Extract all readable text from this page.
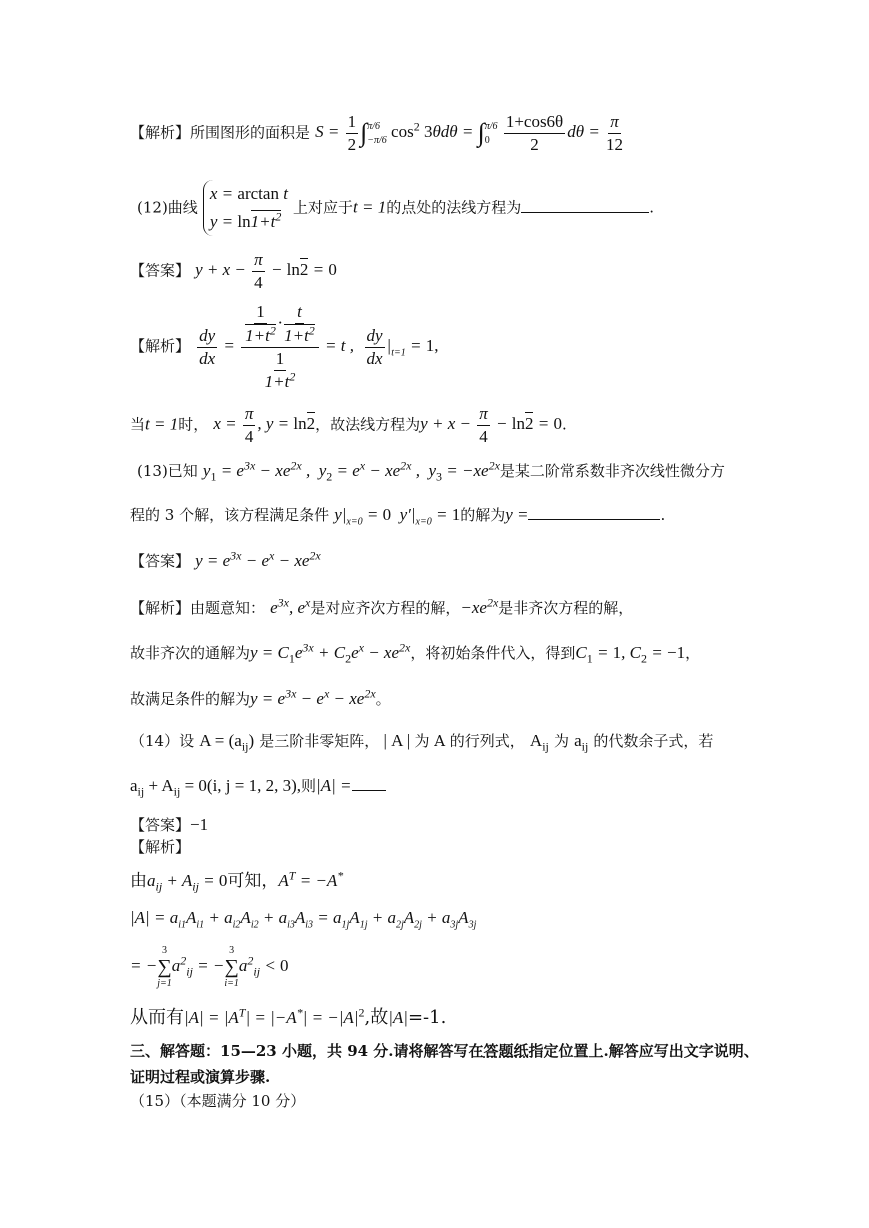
【解析】所围图形的面积是 $S = \frac{1}{2}$ ∫ π/6
−π/6 $\cos^2 3\theta d\theta$ = ∫ π/6
0
$\frac{1+\cos 6\theta}{2}$ $d\theta = \frac{\pi}{12}$
(12)曲线
x = arctan t
$y = \ln 1+t^2$ 上对应于t = 1的点处的法线方程为	.
【答案】 $y + x - \frac{\pi}{4} - \ln 2 = 0$
【解析】 $\frac{dy}{dx} = \frac{\frac{1}{1+t^2} \cdot \frac{t}{1+t^2}}{\frac{1}{1+t^2}} = t$ , $\frac{dy}{dx} |_{t=1} = 1$,
当t = 1时， $x = \frac{\pi}{4}$ , y = ln2，故法线方程为$y + x - \frac{\pi}{4} - \ln 2 = 0$.
(13)已知 $y_1 = e^{3x} - xe^{2x}$ ,  $y_2 = e^x - xe^{2x}$ ,  $y_3 = -xe^{2x}$是某二阶常系数非齐次线性微分方
程的 3 个解，该方程满足条件 $y|_{x=0} = 0$  $y'|_{x=0} = 1$的解为y =	.
【答案】 $y = e^{3x} - e^x - xe^{2x}$
【解析】由题意知： $e^{3x}$, $e^x$是对应齐次方程的解，$-xe^{2x}$是非齐次方程的解，
故非齐次的通解为$y = C_1e^{3x} + C_2e^x - xe^{2x}$，将初始条件代入，得到$C_1 = 1$, $C_2 = -1$，
故满足条件的解为$y = e^{3x} - e^x - xe^{2x}$。
（14）设 $A = (a_{ij})$ 是三阶非零矩阵， | A | 为 A 的行列式， $A_{ij}$ 为 $a_{ij}$ 的代数余子式，若
$a_{ij} + A_{ij} = 0(i$, j = 1, 2, 3),则|A| =
【答案】−1
【解析】
由$a_{ij} + A_{ij} = 0$可知，$A^T = -A^*$
$|A| = a_{i1}A_{i1} + a_{i2}A_{i2} + a_{i3}A_{i3} = a_{1j}A_{1j} + a_{2j}A_{2j} + a_{3j}A_{3j}$
= −
3
∑
j=1
$a^2_{ij}$ = −
3
∑
i=1
$a^2_{ij} < 0$
从而有$|A| = |A^T| = |-A^*| = -|A|^2$,故|A|=-1.
三、解答题：15—23 小题，共 94 分.请将解答写在答题纸指定位置上.解答应写出文字说明、
证明过程或演算步骤.
（15）（本题满分 10 分）
